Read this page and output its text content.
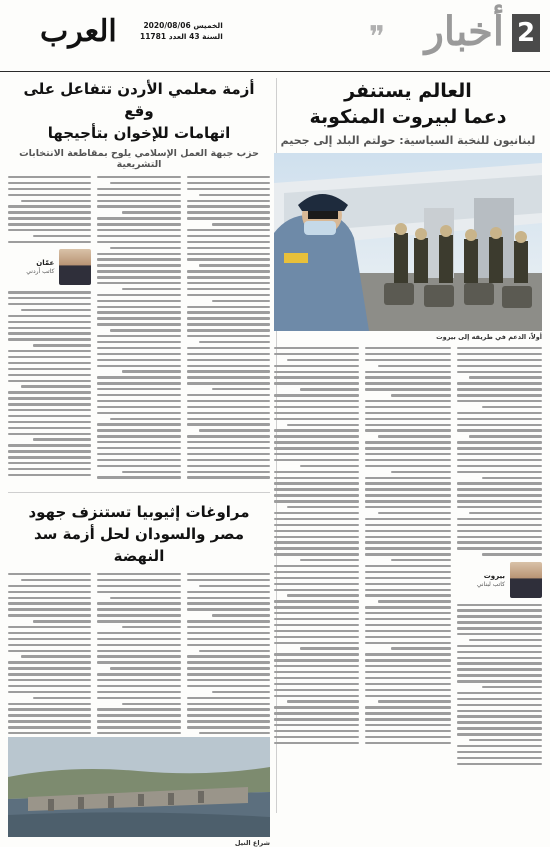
2
أخبار
❞
العرب	الخميس 2020/08/06
السنة 43 العدد 11781
العالم يستنفر
دعما لبيروت المنكوبة
لبنانيون للنخبة السياسية: حولتم البلد إلى جحيم
أولاً، الدعم في طريقه إلى بيروت
بيروت
كاتب لبناني
أزمة معلمي الأردن تتفاعل على وقع
اتهامات للإخوان بتأجيجها
حزب جبهة العمل الإسلامي يلوح بمقاطعة الانتخابات التشريعية
عمّان
كاتب أردني
مراوغات إثيوبيا تستنزف جهود
مصر والسودان لحل أزمة سد النهضة
شراع النيل
